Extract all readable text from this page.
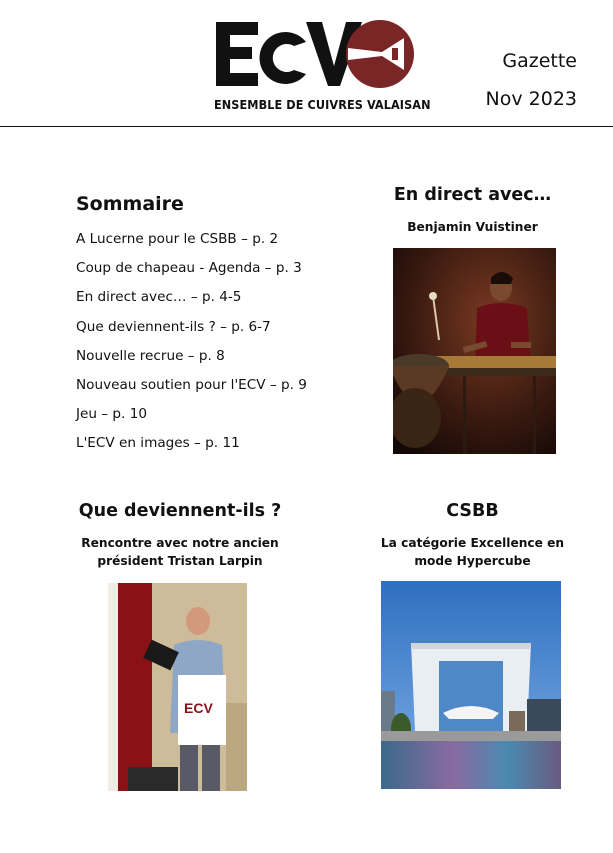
ENSEMBLE DE CUIVRES VALAISAN
Gazette
Nov 2023
Sommaire
A Lucerne pour le CSBB – p. 2
Coup de chapeau - Agenda – p. 3
En direct avec… – p. 4-5
Que deviennent-ils ? – p. 6-7
Nouvelle recrue – p. 8
Nouveau soutien pour l'ECV – p. 9
Jeu – p. 10
L'ECV en images – p. 11
En direct avec…
Benjamin Vuistiner
Que deviennent-ils ?
Rencontre avec notre ancien
président Tristan Larpin
ECV
CSBB
La catégorie Excellence en
mode Hypercube
